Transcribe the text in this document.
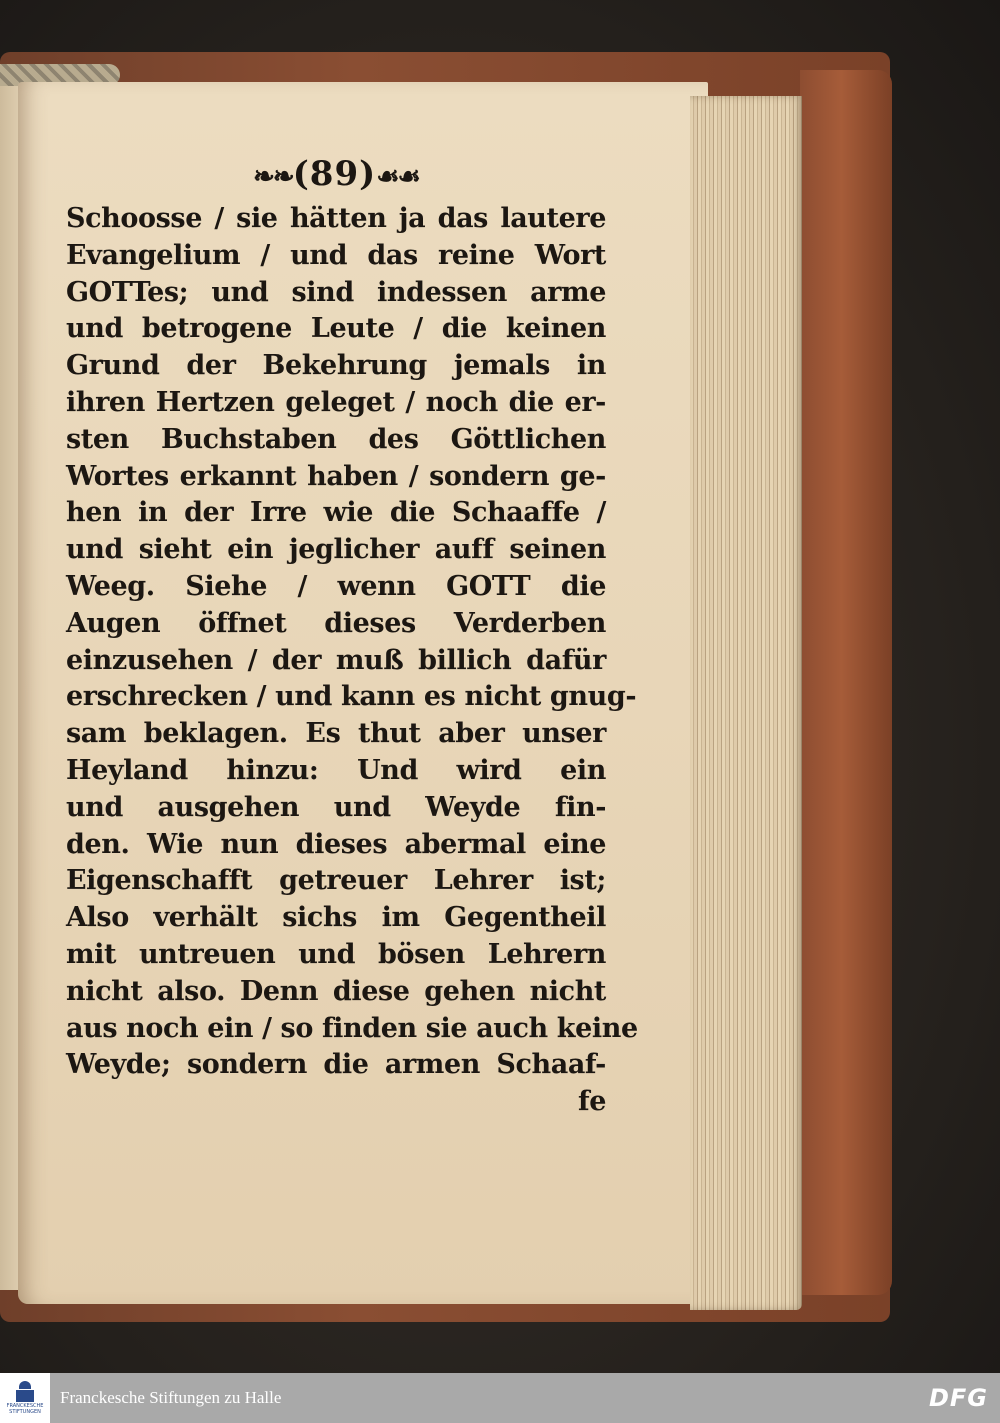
❧❧(89)☙☙
Schoosse / sie hätten ja das lautere
Evangelium / und das reine Wort
GOTTes; und sind indessen arme
und betrogene Leute / die keinen
Grund der Bekehrung jemals in
ihren Hertzen geleget / noch die er-
sten Buchstaben des Göttlichen
Wortes erkannt haben / sondern ge-
hen in der Irre wie die Schaaffe /
und sieht ein jeglicher auff seinen
Weeg. Siehe / wenn GOTT die
Augen öffnet dieses Verderben
einzusehen / der muß billich dafür
erschrecken / und kann es nicht gnug-
sam beklagen. Es thut aber unser
Heyland hinzu: Und wird ein
und ausgehen und Weyde fin-
den. Wie nun dieses abermal eine
Eigenschafft getreuer Lehrer ist;
Also verhält sichs im Gegentheil
mit untreuen und bösen Lehrern
nicht also. Denn diese gehen nicht
aus noch ein / so finden sie auch keine
Weyde; sondern die armen Schaaf-
fe
FRANCKESCHE STIFTUNGEN
Franckesche Stiftungen zu Halle	DFG
